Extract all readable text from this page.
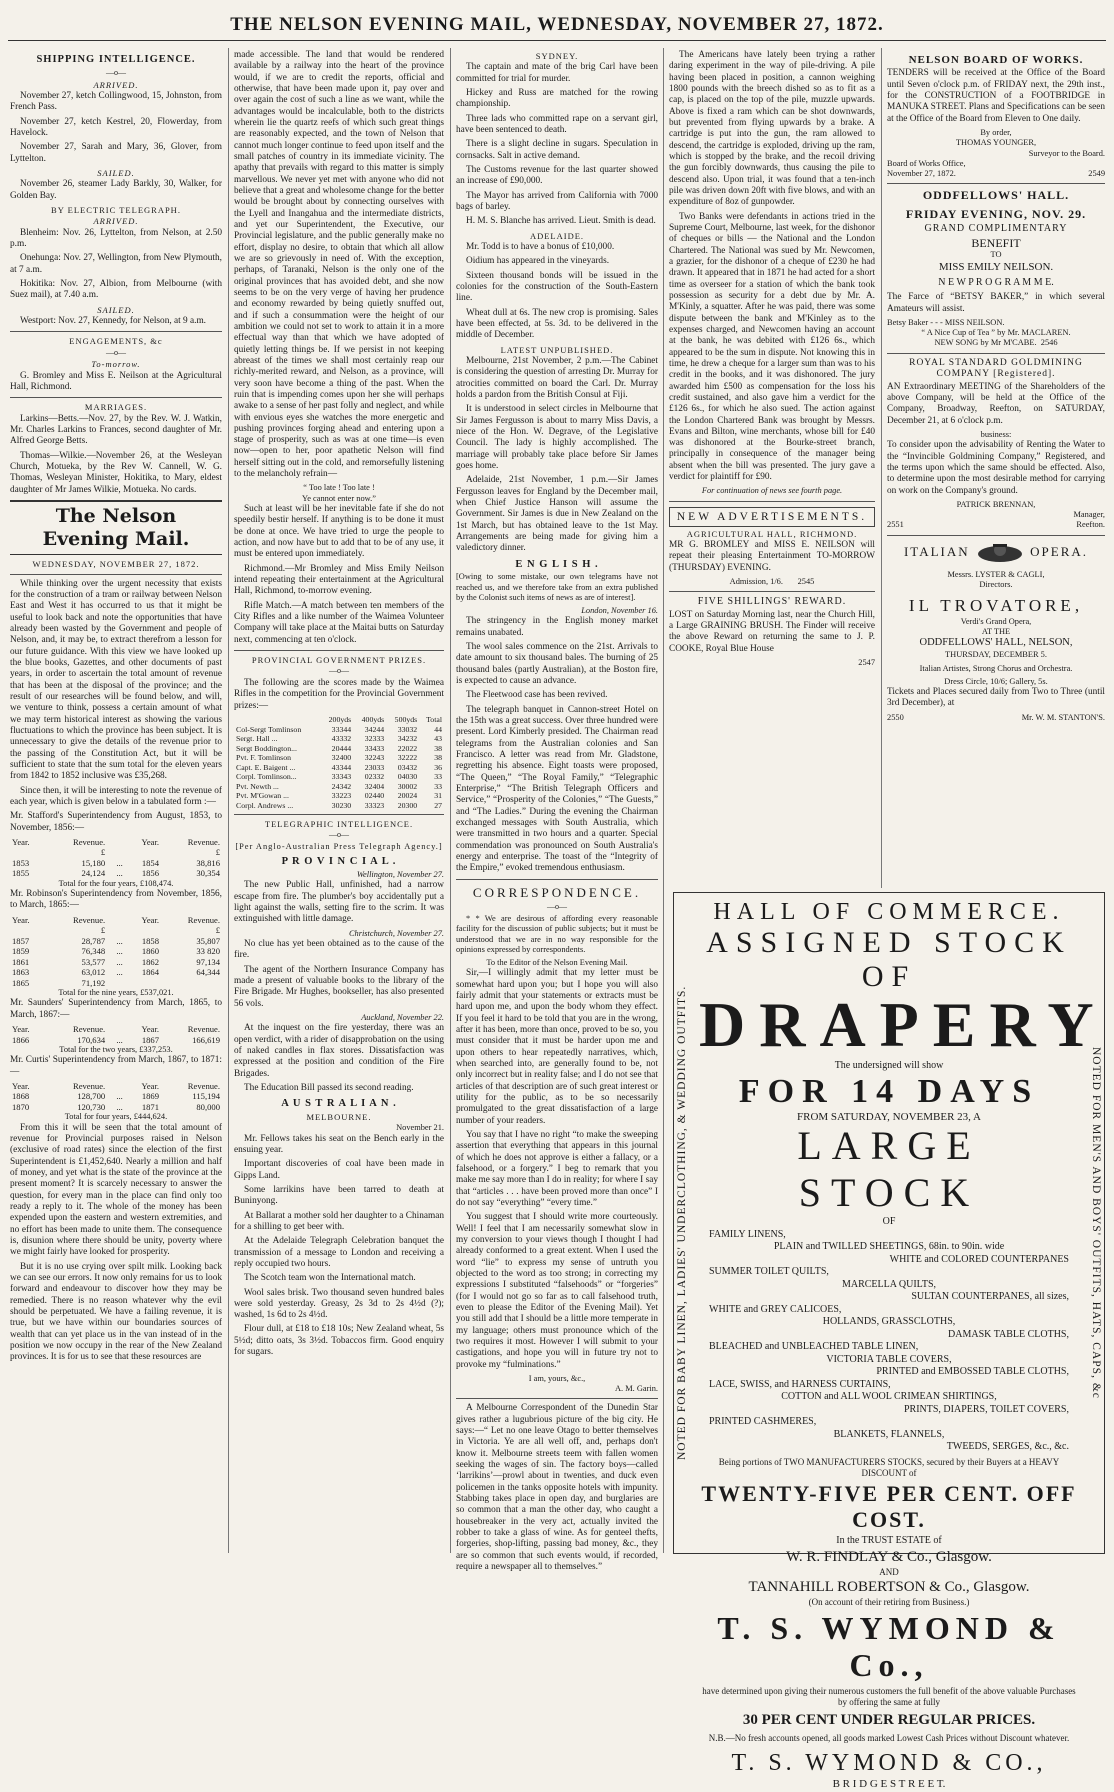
THE NELSON EVENING MAIL, WEDNESDAY, NOVEMBER 27, 1872.
SHIPPING INTELLIGENCE.
—o—
ARRIVED.

November 27, ketch Collingwood, 15, Johnston, from French Pass.

November 27, ketch Kestrel, 20, Flowerday, from Havelock.

November 27, Sarah and Mary, 36, Glover, from Lyttelton.

SAILED.

November 26, steamer Lady Barkly, 30, Walker, for Golden Bay.

BY ELECTRIC TELEGRAPH.
ARRIVED.

Blenheim: Nov. 26, Lyttelton, from Nelson, at 2.50 p.m.

Onehunga: Nov. 27, Wellington, from New Plymouth, at 7 a.m.

Hokitika: Nov. 27, Albion, from Melbourne (with Suez mail), at 7.40 a.m.

SAILED.

Westport: Nov. 27, Kennedy, for Nelson, at 9 a.m.

ENGAGEMENTS, &c
—o—
To-morrow.

G. Bromley and Miss E. Neilson at the Agricultural Hall, Richmond.

MARRIAGES.

Larkins—Betts.—Nov. 27, by the Rev. W. J. Watkin, Mr. Charles Larkins to Frances, second daughter of Mr. Alfred George Betts.

Thomas—Wilkie.—November 26, at the Wesleyan Church, Motueka, by the Rev W. Cannell, W. G. Thomas, Wesleyan Minister, Hokitika, to Mary, eldest daughter of Mr James Wilkie, Motueka. No cards.

The Nelson Evening Mail.
WEDNESDAY, NOVEMBER 27, 1872.

While thinking over the urgent necessity that exists for the construction of a tram or railway between Nelson East and West it has occurred to us that it might be useful to look back and note the opportunities that have already been wasted by the Government and people of Nelson, and, it may be, to extract therefrom a lesson for our future guidance. With this view we have looked up the blue books, Gazettes, and other documents of past years, in order to ascertain the total amount of revenue that has been at the disposal of the province; and the result of our researches will be found below, and will, we venture to think, possess a certain amount of what we may term historical interest as showing the various fluctuations to which the province has been subject. It is unnecessary to give the details of the revenue prior to the passing of the Constitution Act, but it will be sufficient to state that the sum total for the eleven years from 1842 to 1852 inclusive was £35,268.

Since then, it will be interesting to note the revenue of each year, which is given below in a tabulated form :—

Mr. Stafford's Superintendency from August, 1853, to November, 1856:—

Year.	Revenue.		Year.	Revenue.
	£			£
1853	15,180	...	1854	38,816
1855	24,124	...	1856	30,354
Total for the four years, £108,474.

Mr. Robinson's Superintendency from November, 1856, to March, 1865:—

Year.	Revenue.		Year.	Revenue.
	£			£
1857	28,787	...	1858	35,807
1859	76,348	...	1860	33 820
1861	53,577	...	1862	97,134
1863	63,012	...	1864	64,344
1865	71,192			
Total for the nine years, £537,021.

Mr. Saunders' Superintendency from March, 1865, to March, 1867:—

Year.	Revenue.		Year.	Revenue.
1866	170,634	...	1867	166,619
Total for the two years, £337,253.

Mr. Curtis' Superintendency from March, 1867, to 1871:—

Year.	Revenue.		Year.	Revenue.
1868	128,700	...	1869	115,194
1870	120,730	...	1871	80,000
Total for four years, £444,624.

From this it will be seen that the total amount of revenue for Provincial purposes raised in Nelson (exclusive of road rates) since the election of the first Superintendent is £1,452,640. Nearly a million and half of money, and yet what is the state of the province at the present moment? It is scarcely necessary to answer the question, for every man in the place can find only too ready a reply to it. The whole of the money has been expended upon the eastern and western extremities, and no effort has been made to unite them. The consequence is, disunion where there should be unity, poverty where we might fairly have looked for prosperity.

But it is no use crying over spilt milk. Looking back we can see our errors. It now only remains for us to look forward and endeavour to discover how they may be remedied. There is no reason whatever why the evil should be perpetuated. We have a failing revenue, it is true, but we have within our boundaries sources of wealth that can yet place us in the van instead of in the position we now occupy in the rear of the New Zealand provinces. It is for us to see that these resources are

made accessible. The land that would be rendered available by a railway into the heart of the province would, if we are to credit the reports, official and otherwise, that have been made upon it, pay over and over again the cost of such a line as we want, while the advantages would be incalculable, both to the districts wherein lie the quartz reefs of which such great things are reasonably expected, and the town of Nelson that cannot much longer continue to feed upon itself and the small patches of country in its immediate vicinity. The apathy that prevails with regard to this matter is simply marvellous. We never yet met with anyone who did not believe that a great and wholesome change for the better would be brought about by connecting ourselves with the Lyell and Inangahua and the intermediate districts, and yet our Superintendent, the Executive, our Provincial legislature, and the public generally make no effort, display no desire, to obtain that which all allow we are so grievously in need of. With the exception, perhaps, of Taranaki, Nelson is the only one of the original provinces that has avoided debt, and she now seems to be on the very verge of having her prudence and economy rewarded by being quietly snuffed out, and if such a consummation were the height of our ambition we could not set to work to attain it in a more effectual way than that which we have adopted of quietly letting things be. If we persist in not keeping abreast of the times we shall most certainly reap our richly-merited reward, and Nelson, as a province, will very soon have become a thing of the past. When the ruin that is impending comes upon her she will perhaps awake to a sense of her past folly and neglect, and while with envious eyes she watches the more energetic and pushing provinces forging ahead and entering upon a stage of prosperity, such as was at one time—is even now—open to her, poor apathetic Nelson will find herself sitting out in the cold, and remorsefully listening to the melancholy refrain—

“ Too late ! Too late !
Ye cannot enter now.”

Such at least will be her inevitable fate if she do not speedily bestir herself. If anything is to be done it must be done at once. We have tried to urge the people to action, and now have but to add that to be of any use, it must be entered upon immediately.

Richmond.—Mr Bromley and Miss Emily Neilson intend repeating their entertainment at the Agricultural Hall, Richmond, to-morrow evening.

Rifle Match.—A match between ten members of the City Rifles and a like number of the Waimea Volunteer Company will take place at the Maitai butts on Saturday next, commencing at ten o'clock.

PROVINCIAL GOVERNMENT PRIZES.
—o—

The following are the scores made by the Waimea Rifles in the competition for the Provincial Government prizes:—

	200yds	400yds	500yds	Total
Col-Sergt Tomlinson	33344	34244	33032	44
Sergt. Hall ...	43332	32333	34232	43
Sergt Boddington...	20444	33433	22022	38
Pvt. F. Tomlinson	32400	32243	32222	38
Capt. E. Baigent ...	43344	23033	03432	36
Corpl. Tomlinson...	33343	02332	04030	33
Pvt. Newth ...	24342	32404	30002	33
Pvt. M'Gowan ...	33223	02440	20024	31
Corpl. Andrews ...	30230	33323	20300	27
TELEGRAPHIC INTELLIGENCE.
—o—
[Per Anglo-Australian Press Telegraph Agency.]
P R O V I N C I A L .
Wellington, November 27.

The new Public Hall, unfinished, had a narrow escape from fire. The plumber's boy accidentally put a light against the walls, setting fire to the scrim. It was extinguished with little damage.

Christchurch, November 27.

No clue has yet been obtained as to the cause of the fire.

The agent of the Northern Insurance Company has made a present of valuable books to the library of the Fire Brigade. Mr Hughes, bookseller, has also presented 56 vols.

Auckland, November 22.

At the inquest on the fire yesterday, there was an open verdict, with a rider of disapprobation on the using of naked candles in flax stores. Dissatisfaction was expressed at the position and condition of the Fire Brigades.

The Education Bill passed its second reading.

A U S T R A L I A N .
MELBOURNE.
November 21.

Mr. Fellows takes his seat on the Bench early in the ensuing year.

Important discoveries of coal have been made in Gipps Land.

Some larrikins have been tarred to death at Buninyong.

At Ballarat a mother sold her daughter to a Chinaman for a shilling to get beer with.

At the Adelaide Telegraph Celebration banquet the transmission of a message to London and receiving a reply occupied two hours.

The Scotch team won the International match.

Wool sales brisk. Two thousand seven hundred bales were sold yesterday. Greasy, 2s 3d to 2s 4½d (?); washed, 1s 6d to 2s 4½d.

Flour dull, at £18 to £18 10s; New Zealand wheat, 5s 5½d; ditto oats, 3s 3½d. Tobaccos firm. Good enquiry for sugars.

SYDNEY.

The captain and mate of the brig Carl have been committed for trial for murder.

Hickey and Russ are matched for the rowing championship.

Three lads who committed rape on a servant girl, have been sentenced to death.

There is a slight decline in sugars. Speculation in cornsacks. Salt in active demand.

The Customs revenue for the last quarter showed an increase of £90,000.

The Mayor has arrived from California with 7000 bags of barley.

H. M. S. Blanche has arrived. Lieut. Smith is dead.

ADELAIDE.

Mr. Todd is to have a bonus of £10,000.

Oidium has appeared in the vineyards.

Sixteen thousand bonds will be issued in the colonies for the construction of the South-Eastern line.

Wheat dull at 6s. The new crop is promising. Sales have been effected, at 5s. 3d. to be delivered in the middle of December.

LATEST UNPUBLISHED.

Melbourne, 21st November, 2 p.m.—The Cabinet is considering the question of arresting Dr. Murray for atrocities committed on board the Carl. Dr. Murray holds a pardon from the British Consul at Fiji.

It is understood in select circles in Melbourne that Sir James Fergusson is about to marry Miss Davis, a niece of the Hon. W. Degrave, of the Legislative Council. The lady is highly accomplished. The marriage will probably take place before Sir James goes home.

Adelaide, 21st November, 1 p.m.—Sir James Fergusson leaves for England by the December mail, when Chief Justice Hanson will assume the Government. Sir James is due in New Zealand on the 1st March, but has obtained leave to the 1st May. Arrangements are being made for giving him a valedictory dinner.

E N G L I S H .

[Owing to some mistake, our own telegrams have not reached us, and we therefore take from an extra published by the Colonist such items of news as are of interest].

London, November 16.

The stringency in the English money market remains unabated.

The wool sales commence on the 21st. Arrivals to date amount to six thousand bales. The burning of 25 thousand bales (partly Australian), at the Boston fire, is expected to cause an advance.

The Fleetwood case has been revived.

The telegraph banquet in Cannon-street Hotel on the 15th was a great success. Over three hundred were present. Lord Kimberly presided. The Chairman read telegrams from the Australian colonies and San Francisco. A letter was read from Mr. Gladstone, regretting his absence. Eight toasts were proposed, “The Queen,” “The Royal Family,” “Telegraphic Enterprise,” “The British Telegraph Officers and Service,” “Prosperity of the Colonies,” “The Guests,” and “The Ladies.” During the evening the Chairman exchanged messages with South Australia, which were transmitted in two hours and a quarter. Special commendation was pronounced on South Australia's energy and enterprise. The toast of the “Integrity of the Empire,” evoked tremendous enthusiasm.

CORRESPONDENCE.
—o—

* * We are desirous of affording every reasonable facility for the discussion of public subjects; but it must be understood that we are in no way responsible for the opinions expressed by correspondents.

To the Editor of the Nelson Evening Mail.

Sir,—I willingly admit that my letter must be somewhat hard upon you; but I hope you will also fairly admit that your statements or extracts must be hard upon me, and upon the body whom they effect. If you feel it hard to be told that you are in the wrong, after it has been, more than once, proved to be so, you must consider that it must be harder upon me and upon others to hear repeatedly narratives, which, when searched into, are generally found to be, not only incorrect but in reality false; and I do not see that articles of that description are of such great interest or utility for the public, as to be so necessarily promulgated to the great dissatisfaction of a large number of your readers.

You say that I have no right “to make the sweeping assertion that everything that appears in this journal of which he does not approve is either a fallacy, or a falsehood, or a forgery.” I beg to remark that you make me say more than I do in reality; for where I say that “articles . . . have been proved more than once” I do not say “everything” “every time.”

You suggest that I should write more courteously. Well! I feel that I am necessarily somewhat slow in my conversion to your views though I thought I had already conformed to a great extent. When I used the word “lie” to express my sense of untruth you objected to the word as too strong; in correcting my expressions I substituted “falsehoods” or “forgeries” (for I would not go so far as to call falsehood truth, even to please the Editor of the Evening Mail). Yet you still add that I should be a little more temperate in my language; others must pronounce which of the two requires it most. However I will submit to your castigations, and hope you will in future try not to provoke my “fulminations.”

I am, yours, &c.,
A. M. Garin.

A Melbourne Correspondent of the Dunedin Star gives rather a lugubrious picture of the big city. He says:—“ Let no one leave Otago to better themselves in Victoria. Ye are all well off, and, perhaps don't know it. Melbourne streets teem with fallen women seeking the wages of sin. The factory boys—called ‘larrikins’—prowl about in twenties, and duck even policemen in the tanks opposite hotels with impunity. Stabbing takes place in open day, and burglaries are so common that a man the other day, who caught a housebreaker in the very act, actually invited the robber to take a glass of wine. As for genteel thefts, forgeries, shop-lifting, passing bad money, &c., they are so common that such events would, if recorded, require a newspaper all to themselves.”

The Americans have lately been trying a rather daring experiment in the way of pile-driving. A pile having been placed in position, a cannon weighing 1800 pounds with the breech dished so as to fit as a cap, is placed on the top of the pile, muzzle upwards. Above is fixed a ram which can be shot downwards, but prevented from flying upwards by a brake. A cartridge is put into the gun, the ram allowed to descend, the cartridge is exploded, driving up the ram, which is stopped by the brake, and the recoil driving the gun forcibly downwards, thus causing the pile to descend also. Upon trial, it was found that a ten-inch pile was driven down 20ft with five blows, and with an expenditure of 8oz of gunpowder.

Two Banks were defendants in actions tried in the Supreme Court, Melbourne, last week, for the dishonor of cheques or bills — the National and the London Chartered. The National was sued by Mr. Newcomen, a grazier, for the dishonor of a cheque of £230 he had drawn. It appeared that in 1871 he had acted for a short time as overseer for a station of which the bank took possession as security for a debt due by Mr. A. M'Kinly, a squatter. After he was paid, there was some dispute between the bank and M'Kinley as to the expenses charged, and Newcomen having an account at the bank, he was debited with £126 6s., which appeared to be the sum in dispute. Not knowing this in time, he drew a cheque for a larger sum than was to his credit in the books, and it was dishonored. The jury awarded him £500 as compensation for the loss his credit sustained, and also gave him a verdict for the £126 6s., for which he also sued. The action against the London Chartered Bank was brought by Messrs. Evans and Bilton, wine merchants, whose bill for £40 was dishonored at the Bourke-street branch, principally in consequence of the manager being absent when the bill was presented. The jury gave a verdict for plaintiff for £90.

For continuation of news see fourth page.
NEW ADVERTISEMENTS.
AGRICULTURAL HALL, RICHMOND.

MR G. BROMLEY and MISS E. NEILSON will repeat their pleasing Entertainment TO-MORROW (THURSDAY) EVENING.

Admission, 1/6. 2545
FIVE SHILLINGS' REWARD.

LOST on Saturday Morning last, near the Church Hill, a Large GRAINING BRUSH. The Finder will receive the above Reward on returning the same to J. P. COOKE, Royal Blue House

2547
NELSON BOARD OF WORKS.

TENDERS will be received at the Office of the Board until Seven o'clock p.m. of FRIDAY next, the 29th inst., for the CONSTRUCTION of a FOOTBRIDGE in MANUKA STREET. Plans and Specifications can be seen at the Office of the Board from Eleven to One daily.

By order,
THOMAS YOUNGER,
Surveyor to the Board.
Board of Works Office,
November 27, 1872.	2549
ODDFELLOWS' HALL.
FRIDAY EVENING, NOV. 29.
GRAND COMPLIMENTARY
BENEFIT
TO
MISS EMILY NEILSON.
N E W P R O G R A M M E.

The Farce of “BETSY BAKER,” in which several Amateurs will assist.

Betsy Baker - - - MISS NEILSON.
“ A Nice Cup of Tea ” by Mr. MACLAREN.
NEW SONG by Mr M'CABE. 2546
ROYAL STANDARD GOLDMINING COMPANY [Registered].

AN Extraordinary MEETING of the Shareholders of the above Company, will be held at the Office of the Company, Broadway, Reefton, on SATURDAY, December 21, at 6 o'clock p.m.

business:

To consider upon the advisability of Renting the Water to the “Invincible Goldmining Company,” Registered, and the terms upon which the same should be effected. Also, to determine upon the most desirable method for carrying on work on the Company's ground.

PATRICK BRENNAN,
Manager,
2551	Reefton.
ITALIAN	OPERA.
Messrs. LYSTER & CAGLI,
Directors.
IL TROVATORE,
Verdi's Grand Opera,
AT THE
ODDFELLOWS' HALL, NELSON,
THURSDAY, DECEMBER 5.
Italian Artistes, Strong Chorus and Orchestra.
Dress Circle, 10/6; Gallery, 5s.

Tickets and Places secured daily from Two to Three (until 3rd December), at

2550	Mr. W. M. STANTON'S.
NOTED FOR BABY LINEN, LADIES' UNDERCLOTHING, & WEDDING OUTFITS.	NOTED FOR MEN'S AND BOYS' OUTFITS, HATS, CAPS, &c
HALL OF COMMERCE.
ASSIGNED STOCK OF
DRAPERY
The undersigned will show
FOR 14 DAYS
FROM SATURDAY, NOVEMBER 23, A
LARGE STOCK
OF
FAMILY LINENS,
PLAIN and TWILLED SHEETINGS, 68in. to 90in. wide
WHITE and COLORED COUNTERPANES
SUMMER TOILET QUILTS,
MARCELLA QUILTS,
SULTAN COUNTERPANES, all sizes,
WHITE and GREY CALICOES,
HOLLANDS, GRASSCLOTHS,
DAMASK TABLE CLOTHS,
BLEACHED and UNBLEACHED TABLE LINEN,
VICTORIA TABLE COVERS,
PRINTED and EMBOSSED TABLE CLOTHS,
LACE, SWISS, and HARNESS CURTAINS,
COTTON and ALL WOOL CRIMEAN SHIRTINGS,
PRINTS, DIAPERS, TOILET COVERS,
PRINTED CASHMERES,
BLANKETS, FLANNELS,
TWEEDS, SERGES, &c., &c.
Being portions of TWO MANUFACTURERS STOCKS, secured by their Buyers at a HEAVY DISCOUNT of
TWENTY-FIVE PER CENT. OFF COST.
In the TRUST ESTATE of
W. R. FINDLAY & Co., Glasgow.
AND
TANNAHILL ROBERTSON & Co., Glasgow.
(On account of their retiring from Business.)
T. S. WYMOND & Co.,
have determined upon giving their numerous customers the full benefit of the above valuable Purchases by offering the same at fully
30 PER CENT UNDER REGULAR PRICES.
N.B.—No fresh accounts opened, all goods marked Lowest Cash Prices without Discount whatever.
T. S. WYMOND & CO.,
B R I D G E S T R E E T.
